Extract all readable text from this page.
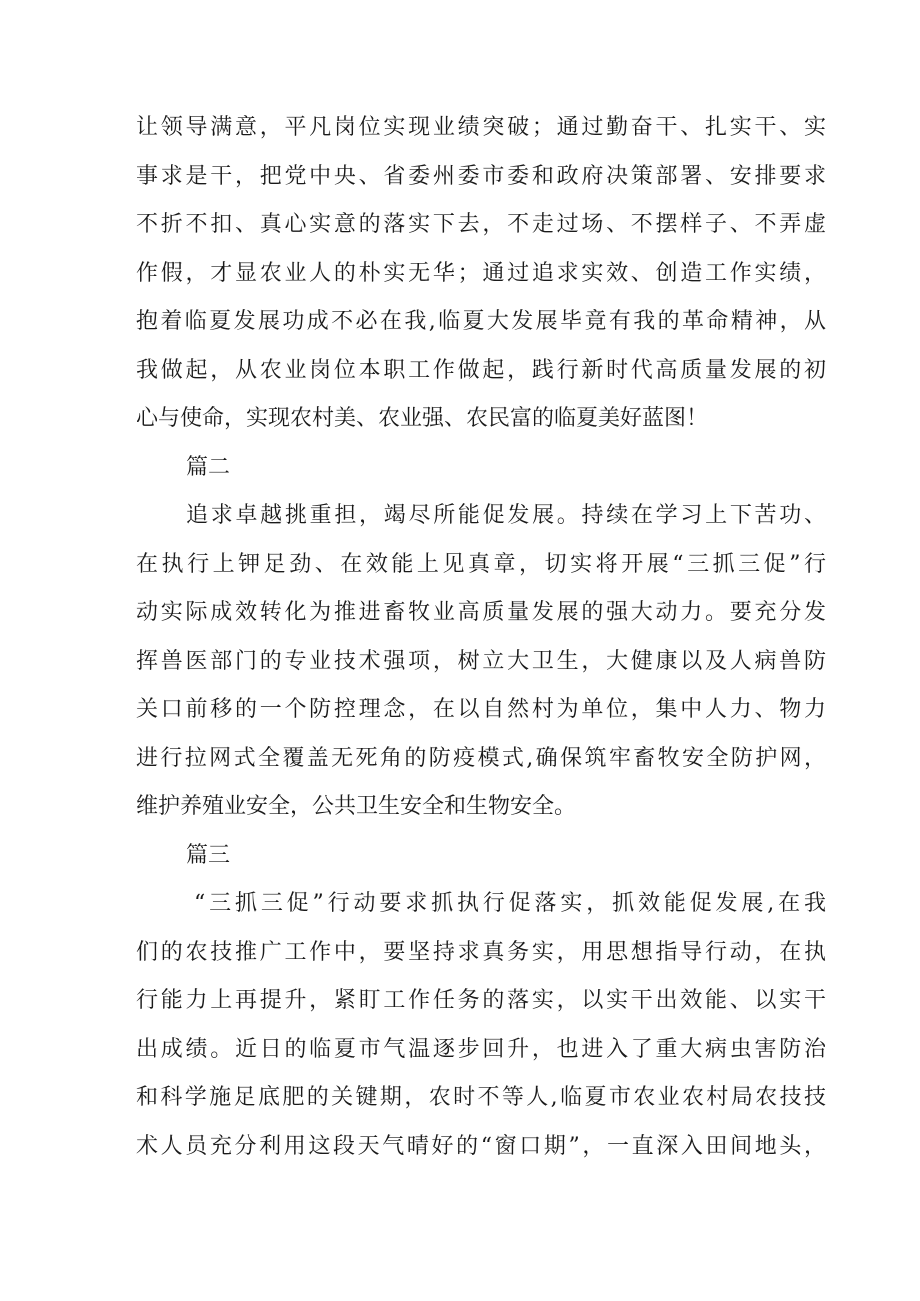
让领导满意，平凡岗位实现业绩突破；通过勤奋干、扎实干、实
事求是干，把党中央、省委州委市委和政府决策部署、安排要求
不折不扣、真心实意的落实下去，不走过场、不摆样子、不弄虚
作假，才显农业人的朴实无华；通过追求实效、创造工作实绩，
抱着临夏发展功成不必在我,临夏大发展毕竟有我的革命精神，从
我做起，从农业岗位本职工作做起，践行新时代高质量发展的初
心与使命，实现农村美、农业强、农民富的临夏美好蓝图！
篇二
追求卓越挑重担，竭尽所能促发展。持续在学习上下苦功、
在执行上钾足劲、在效能上见真章，切实将开展“三抓三促”行
动实际成效转化为推进畜牧业高质量发展的强大动力。要充分发
挥兽医部门的专业技术强项，树立大卫生，大健康以及人病兽防
关口前移的一个防控理念，在以自然村为单位，集中人力、物力
进行拉网式全覆盖无死角的防疫模式,确保筑牢畜牧安全防护网，
维护养殖业安全，公共卫生安全和生物安全。
篇三
“三抓三促”行动要求抓执行促落实，抓效能促发展,在我
们的农技推广工作中，要坚持求真务实，用思想指导行动，在执
行能力上再提升，紧盯工作任务的落实，以实干出效能、以实干
出成绩。近日的临夏市气温逐步回升，也进入了重大病虫害防治
和科学施足底肥的关键期，农时不等人,临夏市农业农村局农技技
术人员充分利用这段天气晴好的“窗口期”，一直深入田间地头，
